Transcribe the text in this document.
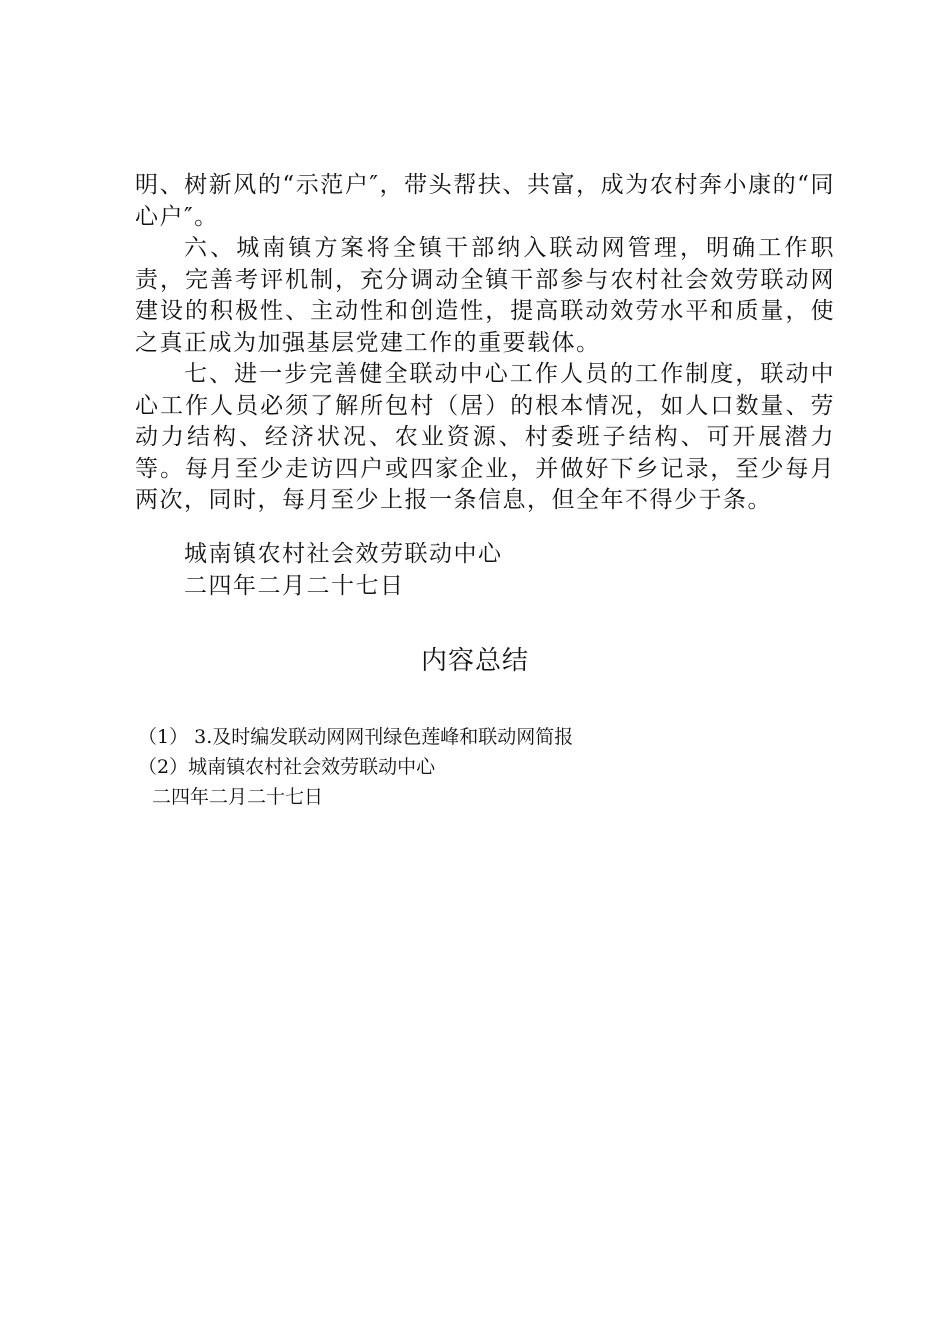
明、树新风的“示范户″，带头帮扶、共富，成为农村奔小康的“同心户″。

六、城南镇方案将全镇干部纳入联动网管理，明确工作职责，完善考评机制，充分调动全镇干部参与农村社会效劳联动网建设的积极性、主动性和创造性，提高联动效劳水平和质量，使之真正成为加强基层党建工作的重要载体。

七、进一步完善健全联动中心工作人员的工作制度，联动中心工作人员必须了解所包村（居）的根本情况，如人口数量、劳动力结构、经济状况、农业资源、村委班子结构、可开展潜力等。每月至少走访四户或四家企业，并做好下乡记录，至少每月两次，同时，每月至少上报一条信息，但全年不得少于条。

城南镇农村社会效劳联动中心
二四年二月二十七日
内容总结
（1） 3.及时编发联动网网刊绿色莲峰和联动网简报
（2）城南镇农村社会效劳联动中心
二四年二月二十七日
